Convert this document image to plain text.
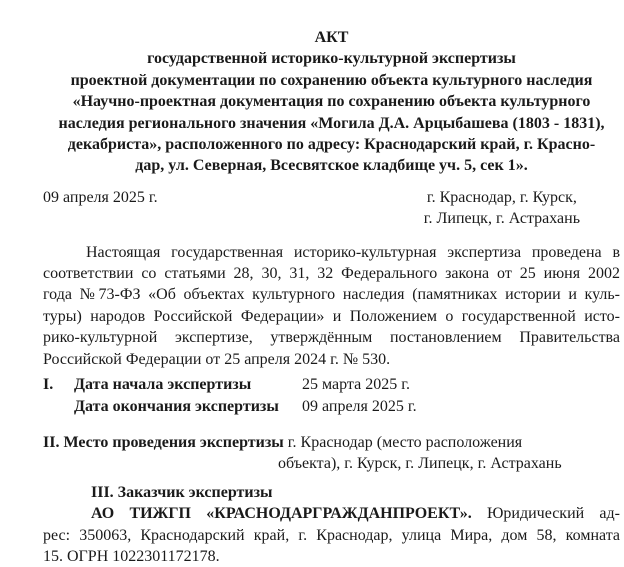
АКТ
государственной историко-культурной экспертизы
проектной документации по сохранению объекта культурного наследия
«Научно-проектная документация по сохранению объекта культурного
наследия регионального значения «Могила Д.А. Арцыбашева (1803 - 1831),
декабриста», расположенного по адресу: Краснодарский край, г. Красно-
дар, ул. Северная, Всесвятское кладбище уч. 5, сек 1».
09 апреля 2025 г.	г. Краснодар, г. Курск,
г. Липецк, г. Астрахань
Настоящая государственная историко-культурная экспертиза проведена в
соответствии со статьями 28, 30, 31, 32 Федерального закона от 25 июня 2002
года №73-ФЗ «Об объектах культурного наследия (памятниках истории и куль-
туры) народов Российской Федерации» и Положением о государственной исто-
рико-культурной экспертизе, утверждённым постановлением Правительства
Российской Федерации от 25 апреля 2024 г. № 530.
I.	Дата начала экспертизы	25 марта 2025 г.
Дата окончания экспертизы	09 апреля 2025 г.
II. Место проведения экспертизы г. Краснодар (место расположения
объекта), г. Курск, г. Липецк, г. Астрахань
III. Заказчик экспертизы
АО ТИЖГП «КРАСНОДАРГРАЖДАНПРОЕКТ». Юридический ад-
рес: 350063, Краснодарский край, г. Краснодар, улица Мира, дом 58, комната
15. ОГРН 1022301172178.
